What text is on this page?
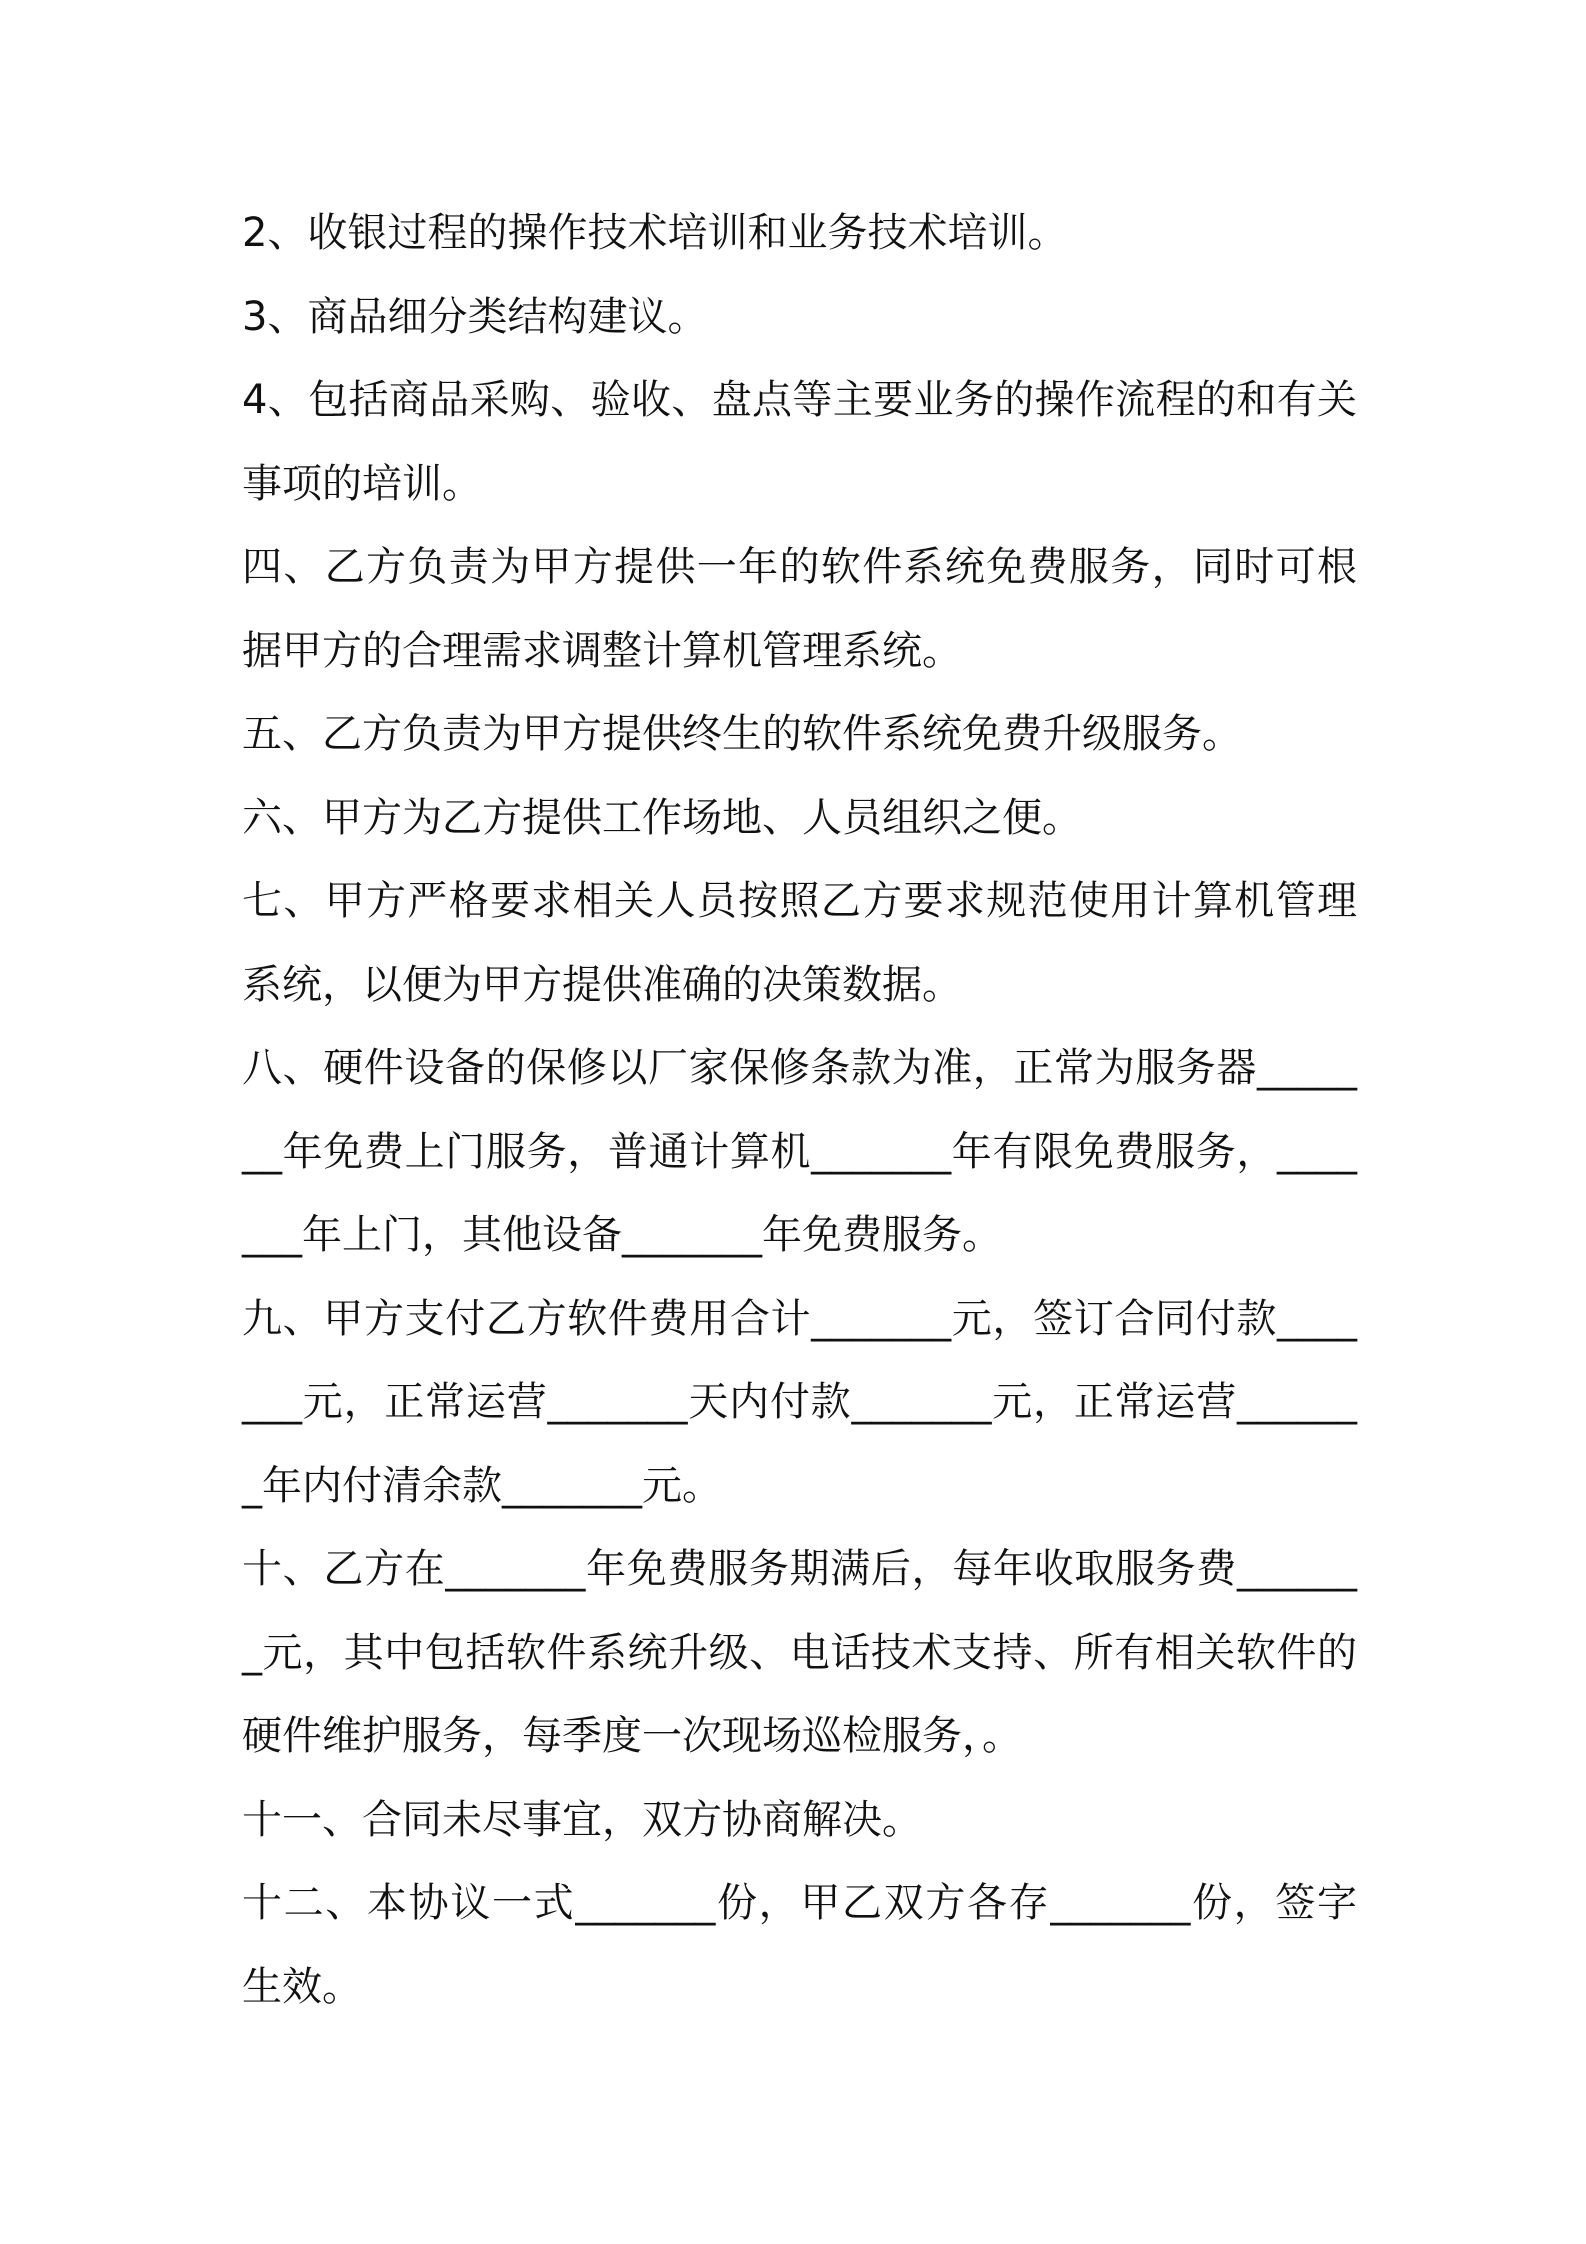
2、收银过程的操作技术培训和业务技术培训。

3、商品细分类结构建议。

4、包括商品采购、验收、盘点等主要业务的操作流程的和有关事项的培训。

四、乙方负责为甲方提供一年的软件系统免费服务，同时可根据甲方的合理需求调整计算机管理系统。

五、乙方负责为甲方提供终生的软件系统免费升级服务。

六、甲方为乙方提供工作场地、人员组织之便。

七、甲方严格要求相关人员按照乙方要求规范使用计算机管理系统，以便为甲方提供准确的决策数据。

八、硬件设备的保修以厂家保修条款为准，正常为服务器_______年免费上门服务，普通计算机_______年有限免费服务，_______年上门，其他设备_______年免费服务。

九、甲方支付乙方软件费用合计_______元，签订合同付款_______元，正常运营_______天内付款_______元，正常运营_______年内付清余款_______元。

十、乙方在_______年免费服务期满后，每年收取服务费_______元，其中包括软件系统升级、电话技术支持、所有相关软件的硬件维护服务，每季度一次现场巡检服务，。

十一、合同未尽事宜，双方协商解决。

十二、本协议一式_______份，甲乙双方各存_______份，签字生效。
